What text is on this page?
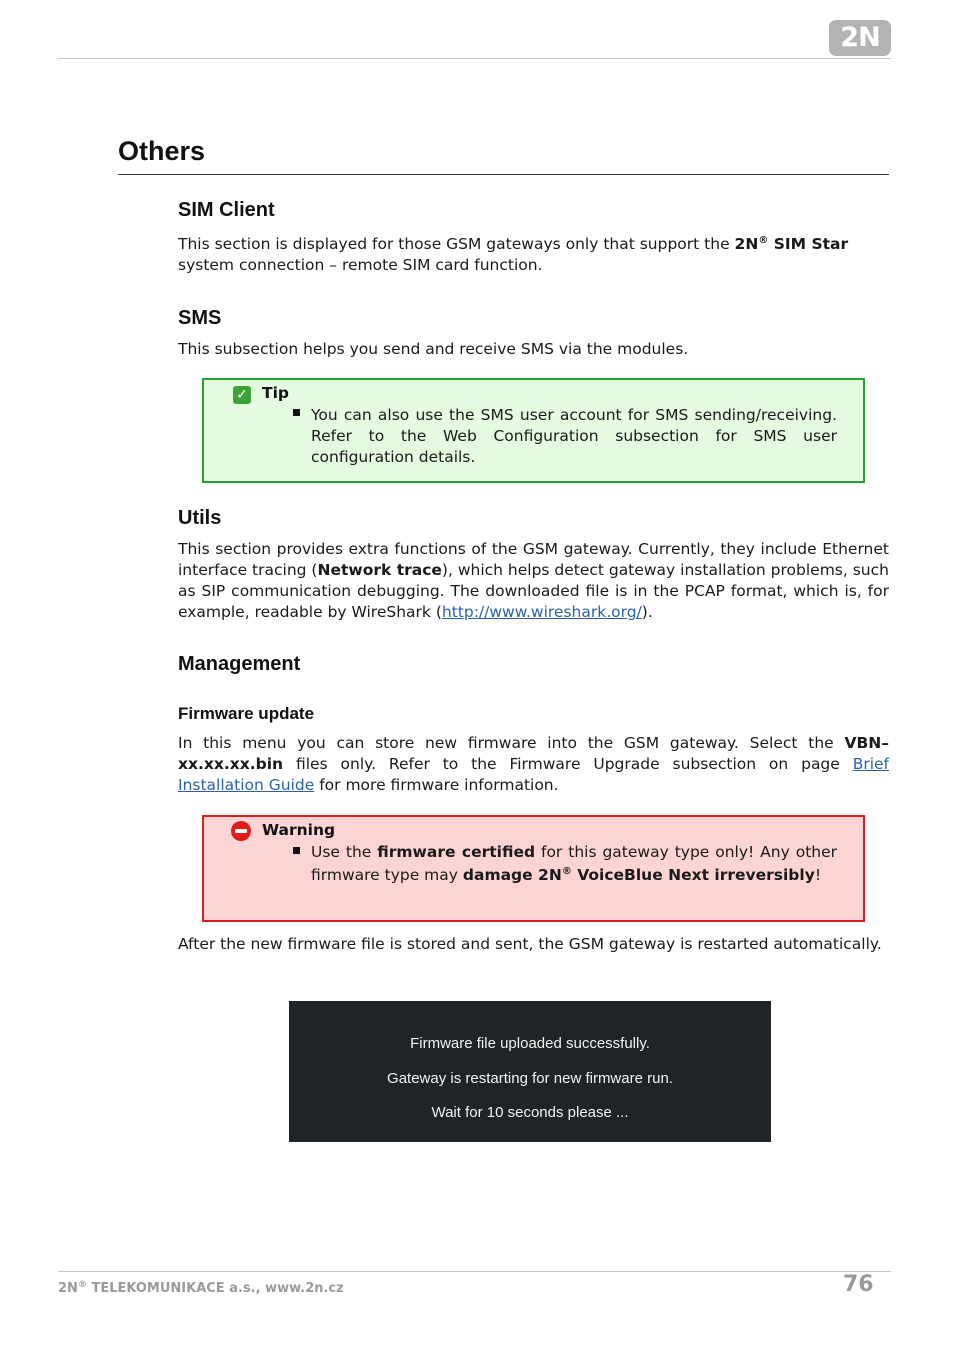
2N
Others
SIM Client

This section is displayed for those GSM gateways only that support the 2N® SIM Star
system connection – remote SIM card function.

SMS

This subsection helps you send and receive SMS via the modules.

✓ Tip
You can also use the SMS user account for SMS sending/receiving. Refer to the Web Configuration subsection for SMS user configuration details.
Utils

This section provides extra functions of the GSM gateway. Currently, they include Ethernet interface tracing (Network trace), which helps detect gateway installation problems, such as SIP communication debugging. The downloaded file is in the PCAP format, which is, for example, readable by WireShark (http://www.wireshark.org/).

Management
Firmware update

In this menu you can store new firmware into the GSM gateway. Select the VBN–xx.xx.xx.bin files only. Refer to the Firmware Upgrade subsection on page Brief Installation Guide for more firmware information.

Warning
Use the firmware certified for this gateway type only! Any other firmware type may damage 2N® VoiceBlue Next irreversibly!

After the new firmware file is stored and sent, the GSM gateway is restarted automatically.

Firmware file uploaded successfully.
Gateway is restarting for new firmware run.
Wait for 10 seconds please ...
2N® TELEKOMUNIKACE a.s., www.2n.cz	76
